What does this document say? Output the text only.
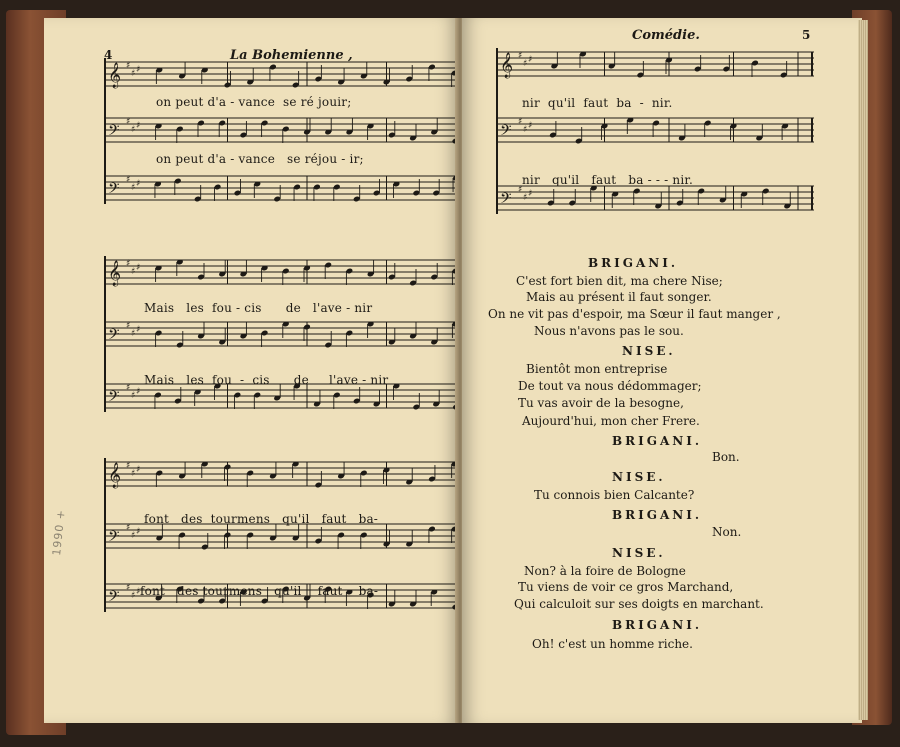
4	La Bohemienne ,
𝄞 ♯
♯ ♯
𝄢 ♯
♯ ♯
𝄢 ♯
♯ ♯
on peut d'a - vance  se ré jouir;
on peut d'a - vance   se réjou - ir;
𝄞 ♯
♯ ♯
𝄢 ♯
♯ ♯
𝄢 ♯
♯ ♯
Mais   les  fou - cis      de   l'ave - nir
Mais   les  fou  -  cis      de     l'ave - nir
𝄞 ♯
♯ ♯
𝄢 ♯
♯ ♯
𝄢 ♯
♯ ♯
font   des  tourmens   qu'il   faut   ba-
font   des tourmens   qu'il    faut    ba-
1990 +
Comédie.	5
𝄞 ♯
♯ ♯
𝄢 ♯
♯ ♯
𝄢 ♯
♯ ♯
nir  qu'il  faut  ba  -  nir.
nir   qu'il   faut   ba - - - nir.
BRIGANI.
C'est fort bien dit, ma chere Nise;
Mais au présent il faut songer.
On ne vit pas d'espoir, ma Sœur il faut manger ,
Nous n'avons pas le sou.
NISE.
Bientôt mon entreprise
De tout va nous dédommager;
Tu vas avoir de la besogne,
Aujourd'hui, mon cher Frere.
BRIGANI.
Bon.
NISE.
Tu connois bien Calcante?
BRIGANI.
Non.
NISE.
Non? à la foire de Bologne
Tu viens de voir ce gros Marchand,
Qui calculoit sur ses doigts en marchant.
BRIGANI.
Oh! c'est un homme riche.
